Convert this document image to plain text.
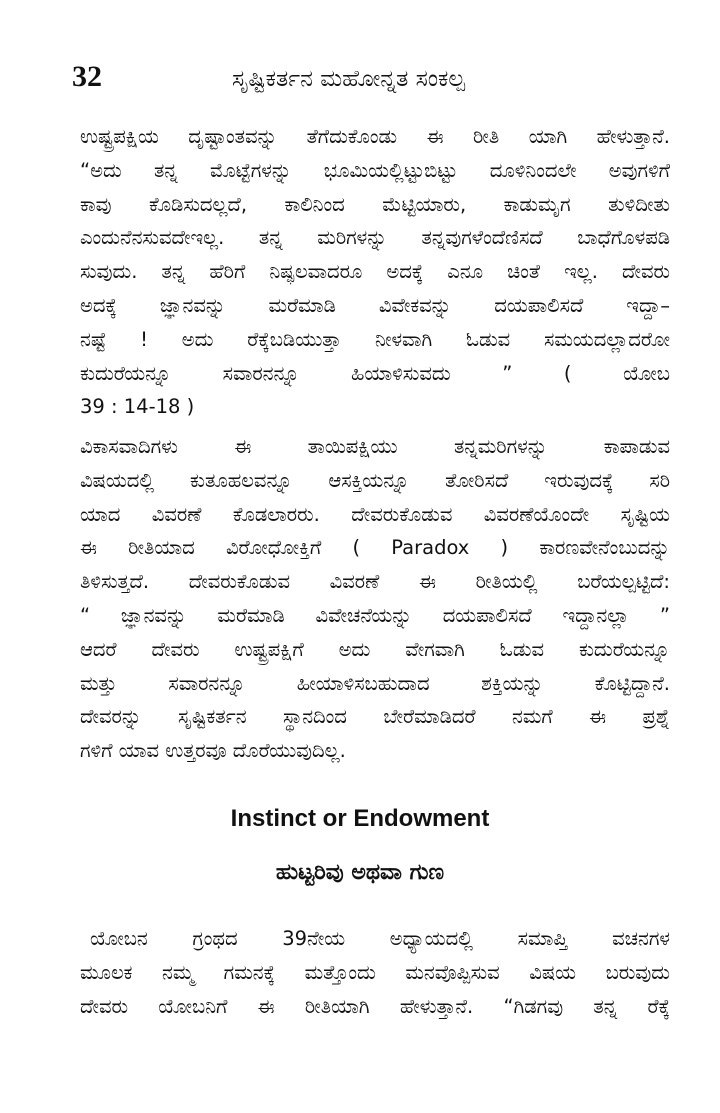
32	ಸೃಷ್ಟಿಕರ್ತನ ಮಹೋನ್ನತ ಸಂಕಲ್ಪ
ಉಷ್ಟ್ರಪಕ್ಷಿಯ ದೃಷ್ಟಾಂತವನ್ನು ತೆಗೆದುಕೊಂಡು ಈ ರೀತಿ ಯಾಗಿ ಹೇಳುತ್ತಾನೆ.
“ಅದು ತನ್ನ ಮೊಟ್ಟೆಗಳನ್ನು ಭೂಮಿಯಲ್ಲಿಟ್ಟುಬಿಟ್ಟು ದೂಳಿನಿಂದಲೇ ಅವುಗಳಿಗೆ
ಕಾವು ಕೊಡಿಸುದಲ್ಲದೆ, ಕಾಲಿನಿಂದ ಮೆಟ್ಟಿಯಾರು, ಕಾಡುಮೃಗ ತುಳಿದೀತು
ಎಂದುನೆನಸುವದೇಇಲ್ಲ. ತನ್ನ ಮರಿಗಳನ್ನು ತನ್ನವುಗಳೆಂದೆಣಿಸದೆ ಬಾಧೆಗೊಳಪಡಿ
ಸುವುದು. ತನ್ನ ಹೆರಿಗೆ ನಿಷ್ಫಲವಾದರೂ ಅದಕ್ಕೆ ಎನೂ ಚಿಂತೆ ಇಲ್ಲ. ದೇವರು
ಅದಕ್ಕೆ ಜ್ಞಾನವನ್ನು ಮರೆಮಾಡಿ ವಿವೇಕವನ್ನು ದಯಪಾಲಿಸದೆ ಇದ್ದಾ–
ನಷ್ಟೆ ! ಅದು ರೆಕ್ಕೆಬಡಿಯುತ್ತಾ ನೀಳವಾಗಿ ಓಡುವ ಸಮಯದಲ್ಲಾದರೋ
ಕುದುರೆಯನ್ನೂ ಸವಾರನನ್ನೂ ಹಿಯಾಳಿಸುವದು ” ( ಯೋಬ
39 : 14-18 )
ವಿಕಾಸವಾದಿಗಳು ಈ ತಾಯಿಪಕ್ಷಿಯು ತನ್ನಮರಿಗಳನ್ನು ಕಾಪಾಡುವ
ವಿಷಯದಲ್ಲಿ ಕುತೂಹಲವನ್ನೂ ಆಸಕ್ತಿಯನ್ನೂ ತೋರಿಸದೆ ಇರುವುದಕ್ಕೆ ಸರಿ
ಯಾದ ವಿವರಣೆ ಕೊಡಲಾರರು. ದೇವರುಕೊಡುವ ವಿವರಣೆಯೊಂದೇ ಸೃಷ್ಟಿಯ
ಈ ರೀತಿಯಾದ ವಿರೋಧೋಕ್ತಿಗೆ ( Paradox ) ಕಾರಣವೇನೆಂಬುದನ್ನು
ತಿಳಿಸುತ್ತದೆ. ದೇವರುಕೊಡುವ ವಿವರಣೆ ಈ ರೀತಿಯಲ್ಲಿ ಬರೆಯಲ್ಪಟ್ಟಿದೆ:
“ ಜ್ಞಾನವನ್ನು ಮರೆಮಾಡಿ ವಿವೇಚನೆಯನ್ನು ದಯಪಾಲಿಸದೆ ಇದ್ದಾನಲ್ಲಾ ”
ಆದರೆ ದೇವರು ಉಷ್ಟ್ರಪಕ್ಷಿಗೆ ಅದು ವೇಗವಾಗಿ ಓಡುವ ಕುದುರೆಯನ್ನೂ
ಮತ್ತು ಸವಾರನನ್ನೂ ಹೀಯಾಳಿಸಬಹುದಾದ ಶಕ್ತಿಯನ್ನು ಕೊಟ್ಟಿದ್ದಾನೆ.
ದೇವರನ್ನು ಸೃಷ್ಟಿಕರ್ತನ ಸ್ಥಾನದಿಂದ ಬೇರೆಮಾಡಿದರೆ ನಮಗೆ ಈ ಪ್ರಶ್ನೆ
ಗಳಿಗೆ ಯಾವ ಉತ್ತರವೂ ದೊರೆಯುವುದಿಲ್ಲ.
Instinct or Endowment
ಹುಟ್ಟರಿವು ಅಥವಾ ಗುಣ
ಯೋಬನ ಗ್ರಂಥದ 39ನೇಯ ಅಧ್ಯಾಯದಲ್ಲಿ ಸಮಾಪ್ತಿ ವಚನಗಳ
ಮೂಲಕ ನಮ್ಮ ಗಮನಕ್ಕೆ ಮತ್ತೊಂದು ಮನವೊಪ್ಪಿಸುವ ವಿಷಯ ಬರುವುದು
ದೇವರು ಯೋಬನಿಗೆ ಈ ರೀತಿಯಾಗಿ ಹೇಳುತ್ತಾನೆ. “ಗಿಡಗವು ತನ್ನ ರೆಕ್ಕೆ
